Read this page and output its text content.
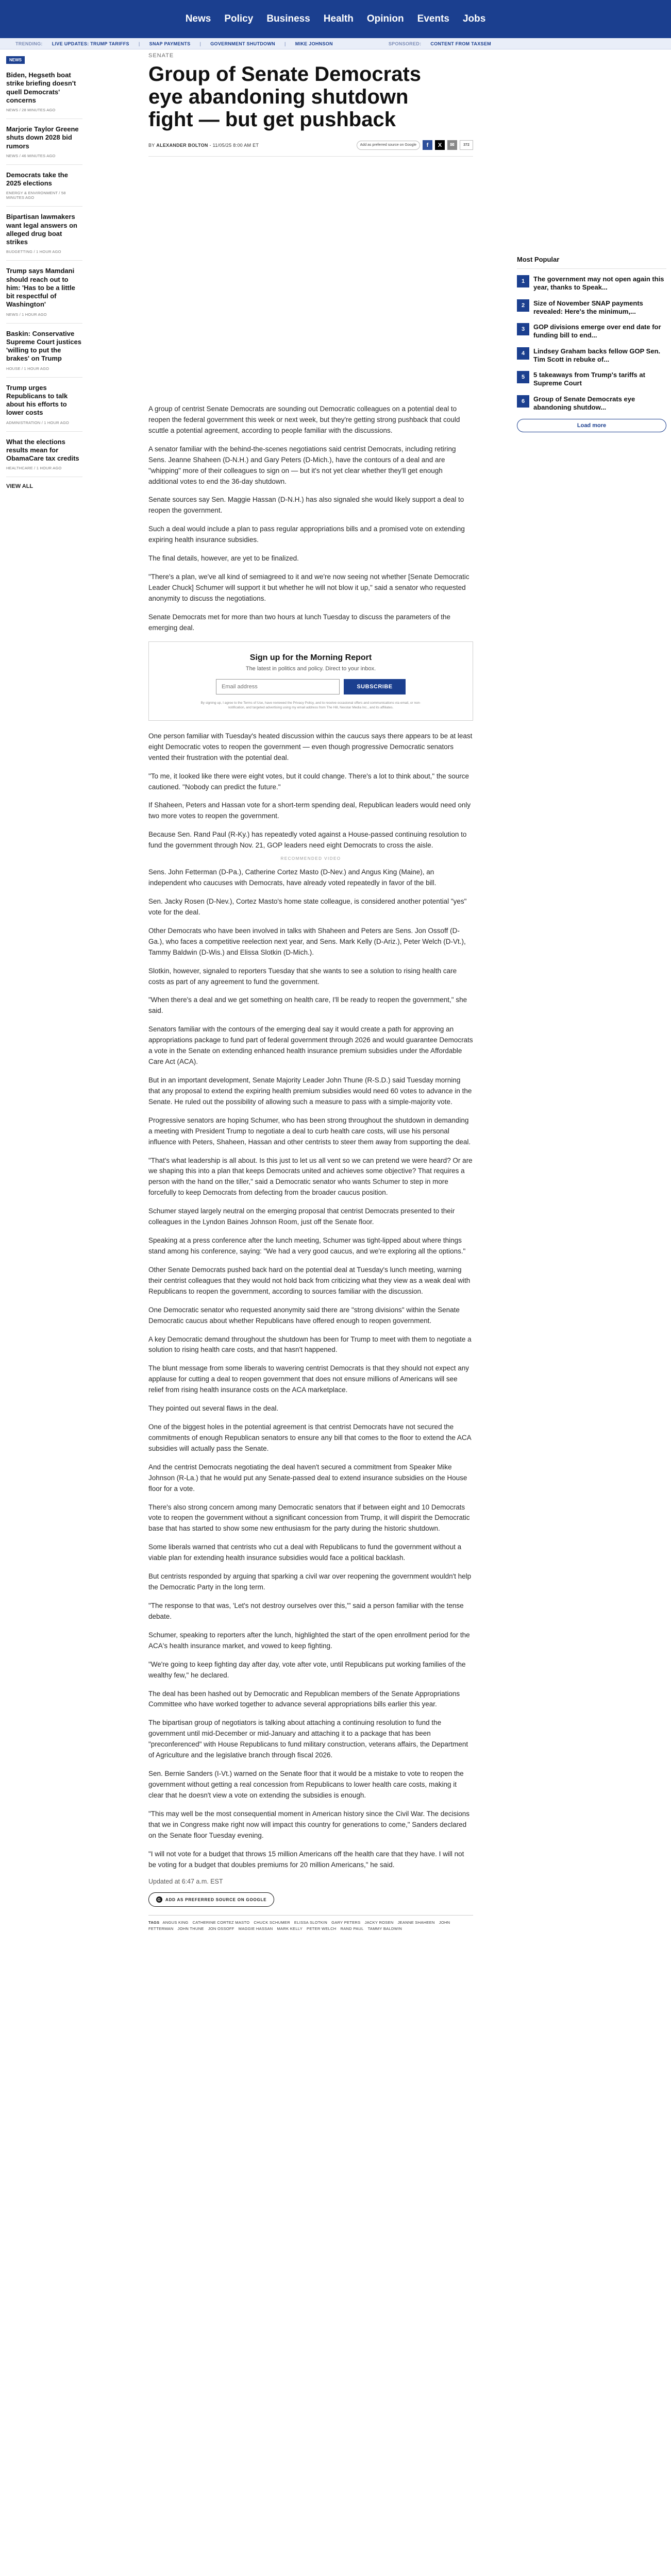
News Policy Business Health Opinion Events Jobs
TRENDING: LIVE UPDATES: TRUMP TARIFFS | SNAP PAYMENTS | GOVERNMENT SHUTDOWN | MIKE JOHNSON	SPONSORED: CONTENT FROM TAXSEM
NEWS
Biden, Hegseth boat strike briefing doesn't quell Democrats' concerns
NEWS / 28 MINUTES AGO
Marjorie Taylor Greene shuts down 2028 bid rumors
NEWS / 46 MINUTES AGO
Democrats take the 2025 elections
ENERGY & ENVIRONMENT / 58 MINUTES AGO
Bipartisan lawmakers want legal answers on alleged drug boat strikes
BUDGETTING / 1 HOUR AGO
Trump says Mamdani should reach out to him: 'Has to be a little bit respectful of Washington'
NEWS / 1 HOUR AGO
Baskin: Conservative Supreme Court justices 'willing to put the brakes' on Trump
HOUSE / 1 HOUR AGO
Trump urges Republicans to talk about his efforts to lower costs
ADMINISTRATION / 1 HOUR AGO
What the elections results mean for ObamaCare tax credits
HEALTHCARE / 1 HOUR AGO
VIEW ALL
SENATE
Group of Senate Democrats eye abandoning shutdown fight — but get pushback
BY ALEXANDER BOLTON - 11/05/25 8:00 AM ET	Add as preferred source on Google	f	X	✉	372

A group of centrist Senate Democrats are sounding out Democratic colleagues on a potential deal to reopen the federal government this week or next week, but they're getting strong pushback that could scuttle a potential agreement, according to people familiar with the discussions.

A senator familiar with the behind-the-scenes negotiations said centrist Democrats, including retiring Sens. Jeanne Shaheen (D-N.H.) and Gary Peters (D-Mich.), have the contours of a deal and are "whipping" more of their colleagues to sign on — but it's not yet clear whether they'll get enough additional votes to end the 36-day shutdown.

Senate sources say Sen. Maggie Hassan (D-N.H.) has also signaled she would likely support a deal to reopen the government.

Such a deal would include a plan to pass regular appropriations bills and a promised vote on extending expiring health insurance subsidies.

The final details, however, are yet to be finalized.

"There's a plan, we've all kind of semiagreed to it and we're now seeing not whether [Senate Democratic Leader Chuck] Schumer will support it but whether he will not blow it up," said a senator who requested anonymity to discuss the negotiations.

Senate Democrats met for more than two hours at lunch Tuesday to discuss the parameters of the emerging deal.

Sign up for the Morning Report
The latest in politics and policy. Direct to your inbox.
Email address
SUBSCRIBE
By signing up, I agree to the Terms of Use, have reviewed the Privacy Policy, and to receive occasional offers and communications via email, or non-notification, and targeted advertising using my email address from The Hill, Nexstar Media Inc., and its affiliates.

One person familiar with Tuesday's heated discussion within the caucus says there appears to be at least eight Democratic votes to reopen the government — even though progressive Democratic senators vented their frustration with the potential deal.

"To me, it looked like there were eight votes, but it could change. There's a lot to think about," the source cautioned. "Nobody can predict the future."

If Shaheen, Peters and Hassan vote for a short-term spending deal, Republican leaders would need only two more votes to reopen the government.

Because Sen. Rand Paul (R-Ky.) has repeatedly voted against a House-passed continuing resolution to fund the government through Nov. 21, GOP leaders need eight Democrats to cross the aisle.

RECOMMENDED VIDEO

Sens. John Fetterman (D-Pa.), Catherine Cortez Masto (D-Nev.) and Angus King (Maine), an independent who caucuses with Democrats, have already voted repeatedly in favor of the bill.

Sen. Jacky Rosen (D-Nev.), Cortez Masto's home state colleague, is considered another potential "yes" vote for the deal.

Other Democrats who have been involved in talks with Shaheen and Peters are Sens. Jon Ossoff (D-Ga.), who faces a competitive reelection next year, and Sens. Mark Kelly (D-Ariz.), Peter Welch (D-Vt.), Tammy Baldwin (D-Wis.) and Elissa Slotkin (D-Mich.).

Slotkin, however, signaled to reporters Tuesday that she wants to see a solution to rising health care costs as part of any agreement to fund the government.

"When there's a deal and we get something on health care, I'll be ready to reopen the government," she said.

Senators familiar with the contours of the emerging deal say it would create a path for approving an appropriations package to fund part of federal government through 2026 and would guarantee Democrats a vote in the Senate on extending enhanced health insurance premium subsidies under the Affordable Care Act (ACA).

But in an important development, Senate Majority Leader John Thune (R-S.D.) said Tuesday morning that any proposal to extend the expiring health premium subsidies would need 60 votes to advance in the Senate. He ruled out the possibility of allowing such a measure to pass with a simple-majority vote.

Progressive senators are hoping Schumer, who has been strong throughout the shutdown in demanding a meeting with President Trump to negotiate a deal to curb health care costs, will use his personal influence with Peters, Shaheen, Hassan and other centrists to steer them away from supporting the deal.

"That's what leadership is all about. Is this just to let us all vent so we can pretend we were heard? Or are we shaping this into a plan that keeps Democrats united and achieves some objective? That requires a person with the hand on the tiller," said a Democratic senator who wants Schumer to step in more forcefully to keep Democrats from defecting from the broader caucus position.

Schumer stayed largely neutral on the emerging proposal that centrist Democrats presented to their colleagues in the Lyndon Baines Johnson Room, just off the Senate floor.

Speaking at a press conference after the lunch meeting, Schumer was tight-lipped about where things stand among his conference, saying: "We had a very good caucus, and we're exploring all the options."

Other Senate Democrats pushed back hard on the potential deal at Tuesday's lunch meeting, warning their centrist colleagues that they would not hold back from criticizing what they view as a weak deal with Republicans to reopen the government, according to sources familiar with the discussion.

One Democratic senator who requested anonymity said there are "strong divisions" within the Senate Democratic caucus about whether Republicans have offered enough to reopen government.

A key Democratic demand throughout the shutdown has been for Trump to meet with them to negotiate a solution to rising health care costs, and that hasn't happened.

The blunt message from some liberals to wavering centrist Democrats is that they should not expect any applause for cutting a deal to reopen government that does not ensure millions of Americans will see relief from rising health insurance costs on the ACA marketplace.

They pointed out several flaws in the deal.

One of the biggest holes in the potential agreement is that centrist Democrats have not secured the commitments of enough Republican senators to ensure any bill that comes to the floor to extend the ACA subsidies will actually pass the Senate.

And the centrist Democrats negotiating the deal haven't secured a commitment from Speaker Mike Johnson (R-La.) that he would put any Senate-passed deal to extend insurance subsidies on the House floor for a vote.

There's also strong concern among many Democratic senators that if between eight and 10 Democrats vote to reopen the government without a significant concession from Trump, it will dispirit the Democratic base that has started to show some new enthusiasm for the party during the historic shutdown.

Some liberals warned that centrists who cut a deal with Republicans to fund the government without a viable plan for extending health insurance subsidies would face a political backlash.

But centrists responded by arguing that sparking a civil war over reopening the government wouldn't help the Democratic Party in the long term.

"The response to that was, 'Let's not destroy ourselves over this,'" said a person familiar with the tense debate.

Schumer, speaking to reporters after the lunch, highlighted the start of the open enrollment period for the ACA's health insurance market, and vowed to keep fighting.

"We're going to keep fighting day after day, vote after vote, until Republicans put working families of the wealthy few," he declared.

The deal has been hashed out by Democratic and Republican members of the Senate Appropriations Committee who have worked together to advance several appropriations bills earlier this year.

The bipartisan group of negotiators is talking about attaching a continuing resolution to fund the government until mid-December or mid-January and attaching it to a package that has been "preconferenced" with House Republicans to fund military construction, veterans affairs, the Department of Agriculture and the legislative branch through fiscal 2026.

Sen. Bernie Sanders (I-Vt.) warned on the Senate floor that it would be a mistake to vote to reopen the government without getting a real concession from Republicans to lower health care costs, making it clear that he doesn't view a vote on extending the subsidies is enough.

"This may well be the most consequential moment in American history since the Civil War. The decisions that we in Congress make right now will impact this country for generations to come," Sanders declared on the Senate floor Tuesday evening.

"I will not vote for a budget that throws 15 million Americans off the health care that they have. I will not be voting for a budget that doubles premiums for 20 million Americans," he said.

Updated at 6:47 a.m. EST
G	ADD AS PREFERRED SOURCE ON GOOGLE
TAGS ANGUS KING CATHERINE CORTEZ MASTO CHUCK SCHUMER ELISSA SLOTKIN GARY PETERS JACKY ROSEN JEANNE SHAHEEN JOHN FETTERMAN JOHN THUNE JON OSSOFF MAGGIE HASSAN MARK KELLY PETER WELCH RAND PAUL TAMMY BALDWIN
Most Popular
1	The government may not open again this year, thanks to Speak...
2	Size of November SNAP payments revealed: Here's the minimum,...
3	GOP divisions emerge over end date for funding bill to end...
4	Lindsey Graham backs fellow GOP Sen. Tim Scott in rebuke of...
5	5 takeaways from Trump's tariffs at Supreme Court
6	Group of Senate Democrats eye abandoning shutdow...
Load more
